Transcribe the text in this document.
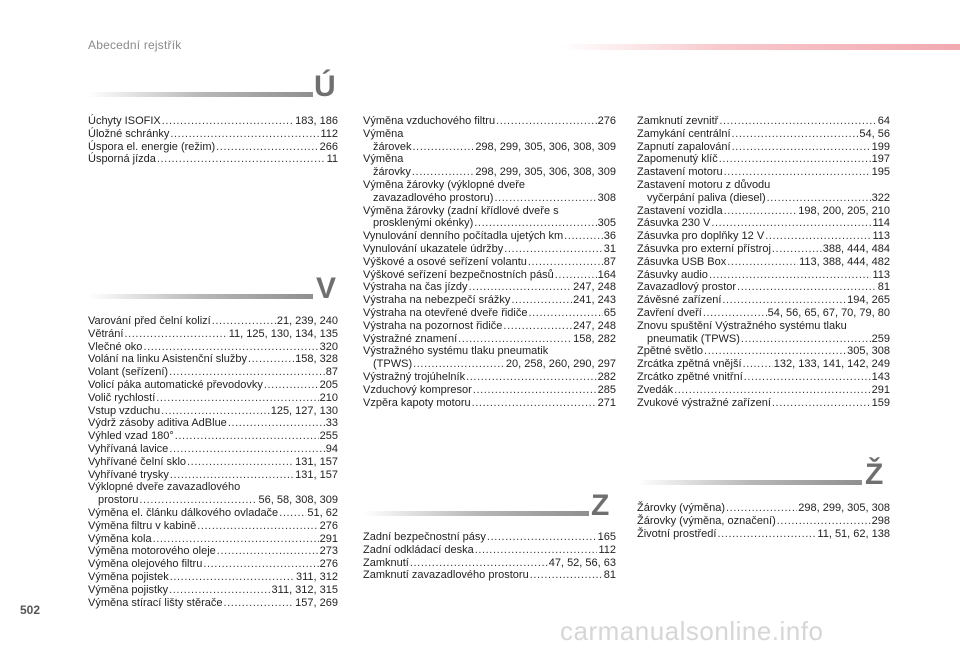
Abecední rejstřík
Ú
Úchyty ISOFIX .....	183, 186
Úložné schránky .....	112
Úspora el. energie (režim) .....	266
Úsporná jízda .....	11
V
Varování před čelní kolizí .....	21, 239, 240
Větrání .....	11, 125, 130, 134, 135
Vlečné oko .....	320
Volání na linku Asistenční služby .....	158, 328
Volant (seřízení) .....	87
Volicí páka automatické převodovky .....	205
Volič rychlostí .....	210
Vstup vzduchu .....	125, 127, 130
Výdrž zásoby aditiva AdBlue .....	33
Výhled vzad 180° .....	255
Vyhřívaná lavice .....	94
Vyhřívané čelní sklo .....	131, 157
Vyhřívané trysky .....	131, 157
Výklopné dveře zavazadlového
prostoru .....	56, 58, 308, 309
Výměna el. článku dálkového ovladače .....	51, 62
Výměna filtru v kabině .....	276
Výměna kola .....	291
Výměna motorového oleje .....	273
Výměna olejového filtru .....	276
Výměna pojistek .....	311, 312
Výměna pojistky .....	311, 312, 315
Výměna stírací lišty stěrače .....	157, 269
Výměna vzduchového filtru .....	276
Výměna
žárovek .....	298, 299, 305, 306, 308, 309
Výměna
žárovky .....	298, 299, 305, 306, 308, 309
Výměna žárovky (výklopné dveře
zavazadlového prostoru) .....	308
Výměna žárovky (zadní křídlové dveře s
prosklenými okénky) .....	305
Vynulování denního počítadla ujetých km .....	36
Vynulování ukazatele údržby .....	31
Výškové a osové seřízení volantu .....	87
Výškové seřízení bezpečnostních pásů .....	164
Výstraha na čas jízdy .....	247, 248
Výstraha na nebezpečí srážky .....	241, 243
Výstraha na otevřené dveře řidiče .....	65
Výstraha na pozornost řidiče .....	247, 248
Výstražné znamení .....	158, 282
Výstražného systému tlaku pneumatik
(TPWS) .....	20, 258, 260, 290, 297
Výstražný trojúhelník .....	282
Vzduchový kompresor .....	285
Vzpěra kapoty motoru .....	271
Z
Zadní bezpečnostní pásy .....	165
Zadní odkládací deska .....	112
Zamknutí .....	47, 52, 56, 63
Zamknutí zavazadlového prostoru .....	81
Zamknutí zevnitř .....	64
Zamykání centrální .....	54, 56
Zapnutí zapalování .....	199
Zapomenutý klíč .....	197
Zastavení motoru .....	195
Zastavení motoru z důvodu
vyčerpání paliva (diesel) .....	322
Zastavení vozidla .....	198, 200, 205, 210
Zásuvka 230 V .....	114
Zásuvka pro doplňky 12 V .....	113
Zásuvka pro externí přístroj .....	388, 444, 484
Zásuvka USB Box .....	113, 388, 444, 482
Zásuvky audio .....	113
Zavazadlový prostor .....	81
Závěsné zařízení .....	194, 265
Zavření dveří .....	54, 56, 65, 67, 70, 79, 80
Znovu spuštění Výstražného systému tlaku
pneumatik (TPWS) .....	259
Zpětné světlo .....	305, 308
Zrcátka zpětná vnější .....	132, 133, 141, 142, 249
Zrcátko zpětné vnitřní .....	143
Zvedák .....	291
Zvukové výstražné zařízení .....	159
Ž
Žárovky (výměna) .....	298, 299, 305, 308
Žárovky (výměna, označení) .....	298
Životní prostředí .....	11, 51, 62, 138
502
carmanualsonline.info
